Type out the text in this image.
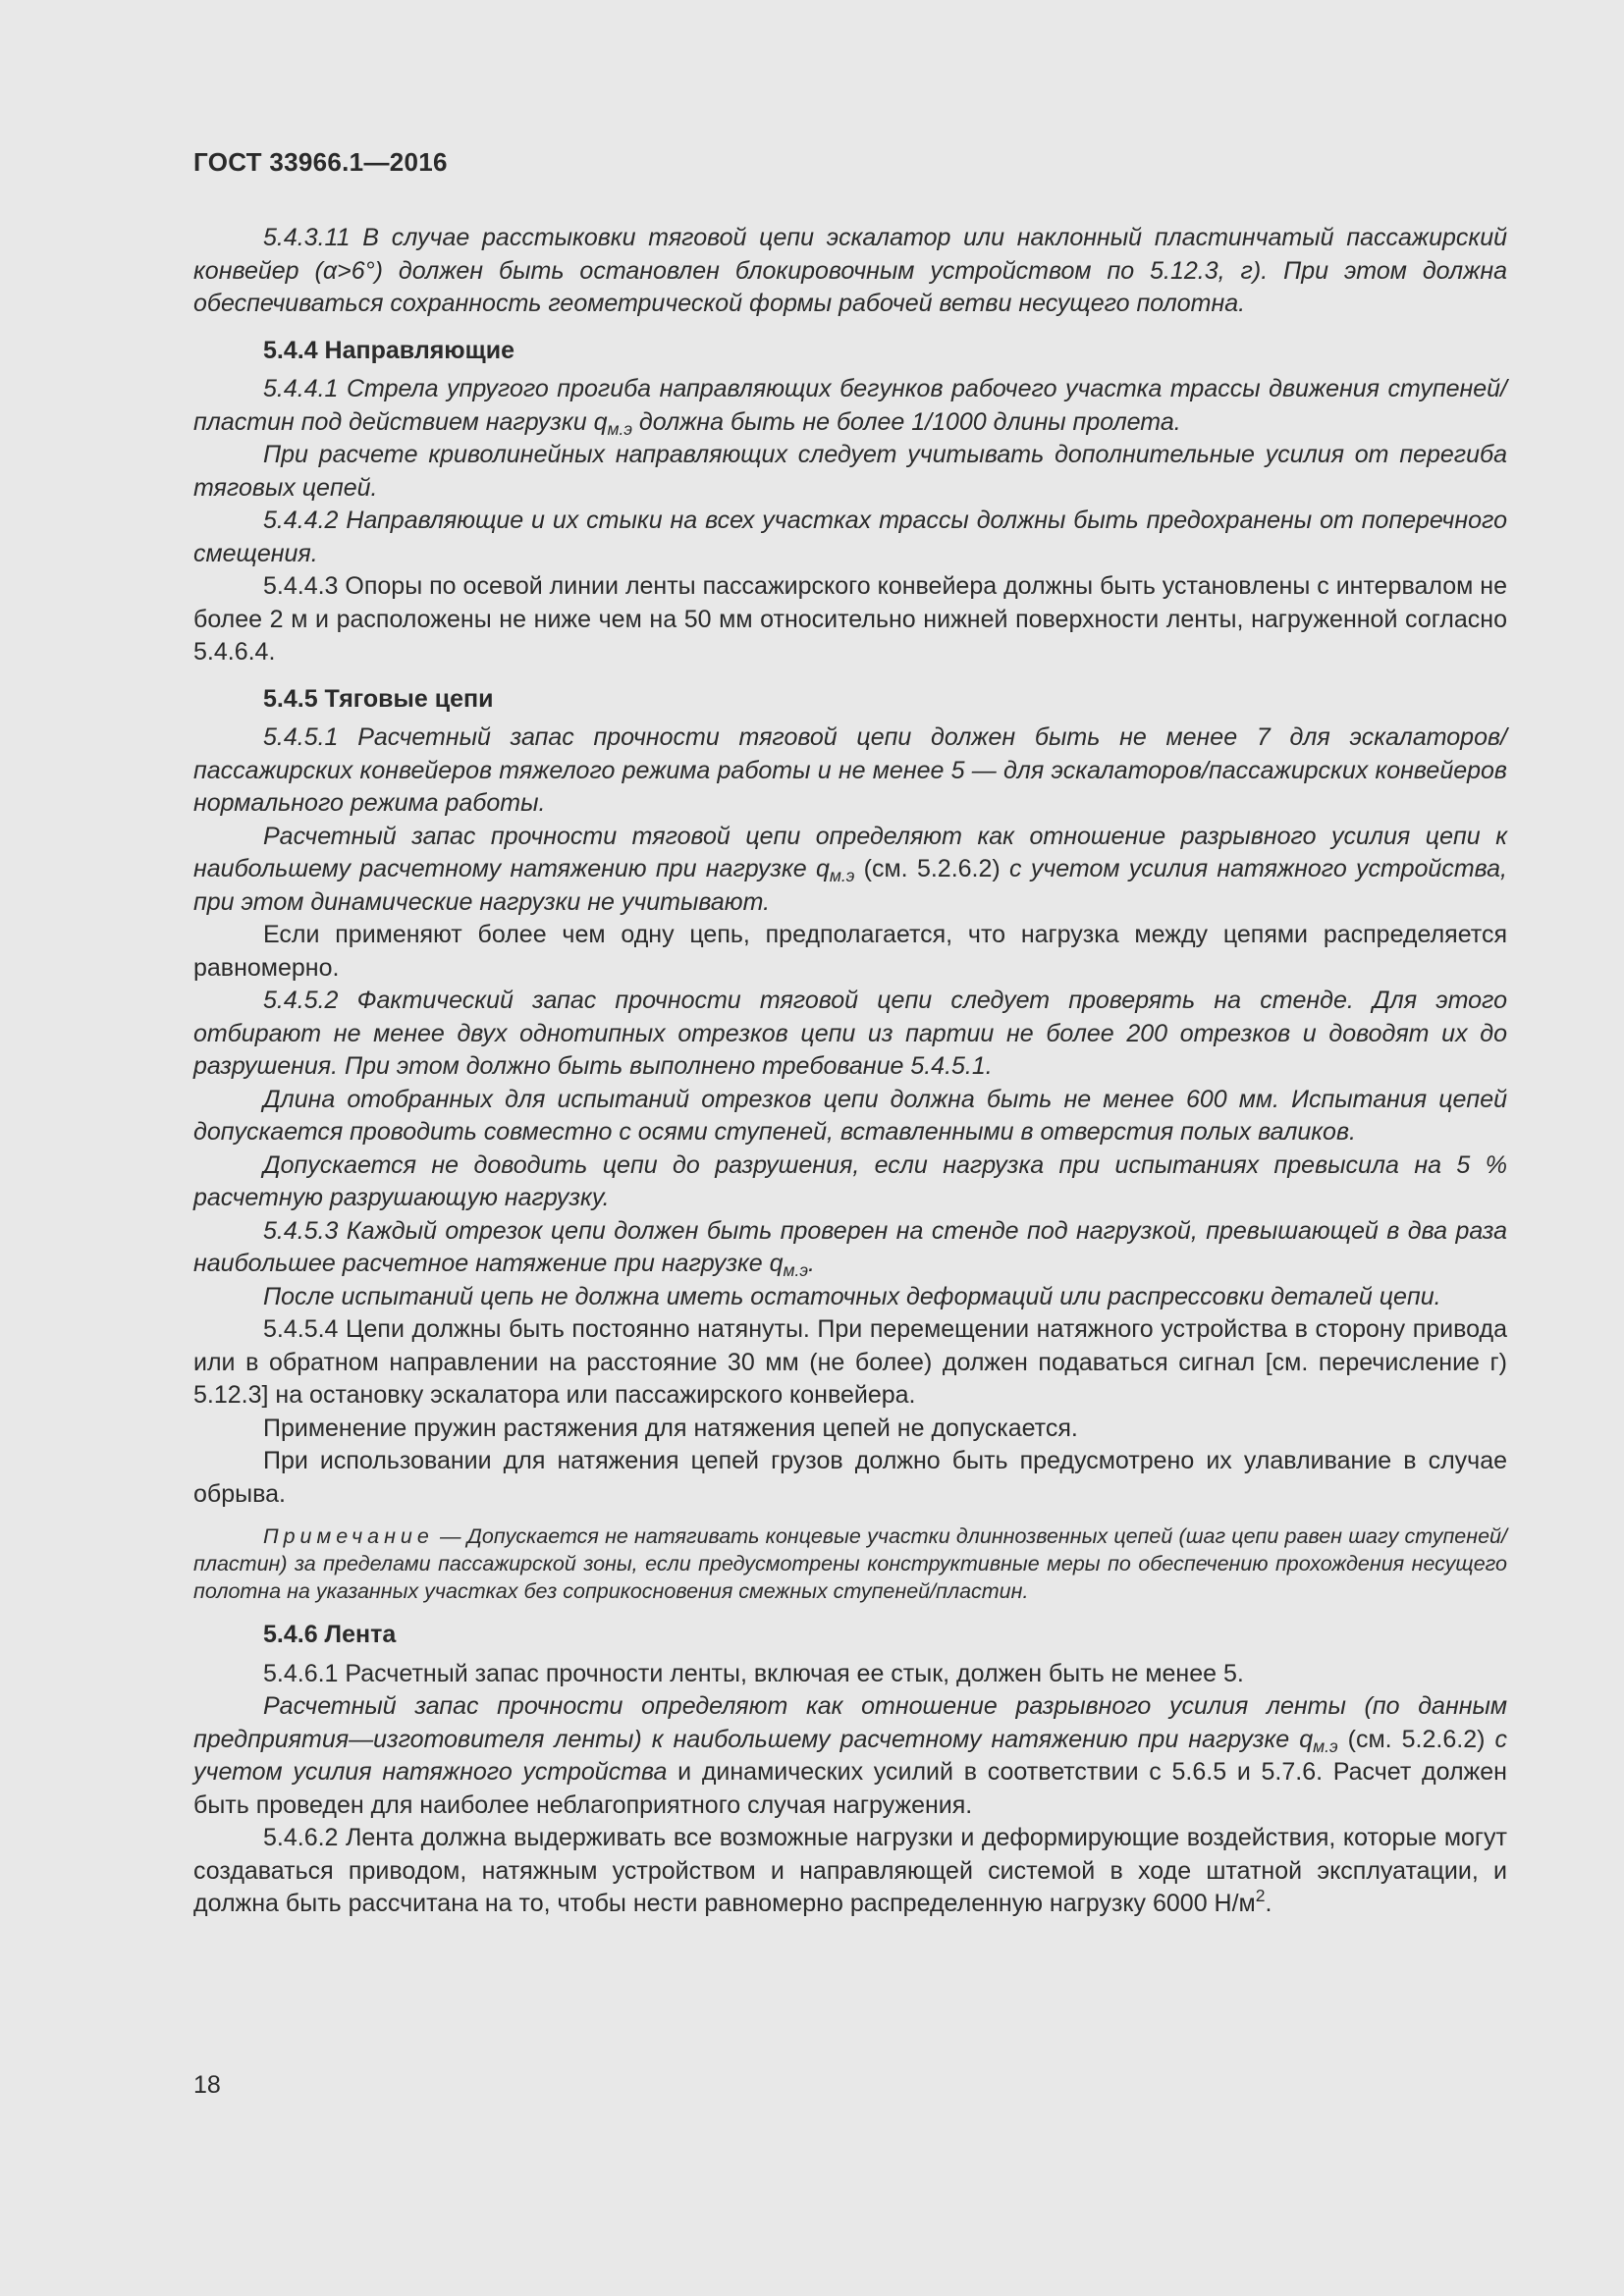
ГОСТ 33966.1—2016

5.4.3.11 В случае расстыковки тяговой цепи эскалатор или наклонный пластинчатый пассажирский конвейер (α>6°) должен быть остановлен блокировочным устройством по 5.12.3, г). При этом должна обеспечиваться сохранность геометрической формы рабочей ветви несущего полотна.

5.4.4 Направляющие

5.4.4.1 Стрела упругого прогиба направляющих бегунков рабочего участка трассы движения ступеней/пластин под действием нагрузки $q_{м.э}$ должна быть не более 1/1000 длины пролета.

При расчете криволинейных направляющих следует учитывать дополнительные усилия от перегиба тяговых цепей.

5.4.4.2 Направляющие и их стыки на всех участках трассы должны быть предохранены от поперечного смещения.

5.4.4.3 Опоры по осевой линии ленты пассажирского конвейера должны быть установлены с интервалом не более 2 м и расположены не ниже чем на 50 мм относительно нижней поверхности ленты, нагруженной согласно 5.4.6.4.

5.4.5 Тяговые цепи

5.4.5.1 Расчетный запас прочности тяговой цепи должен быть не менее 7 для эскалаторов/пассажирских конвейеров тяжелого режима работы и не менее 5 — для эскалаторов/пассажирских конвейеров нормального режима работы.

Расчетный запас прочности тяговой цепи определяют как отношение разрывного усилия цепи к наибольшему расчетному натяжению при нагрузке $q_{м.э}$ (см. 5.2.6.2) с учетом усилия натяжного устройства, при этом динамические нагрузки не учитывают.

Если применяют более чем одну цепь, предполагается, что нагрузка между цепями распределяется равномерно.

5.4.5.2 Фактический запас прочности тяговой цепи следует проверять на стенде. Для этого отбирают не менее двух однотипных отрезков цепи из партии не более 200 отрезков и доводят их до разрушения. При этом должно быть выполнено требование 5.4.5.1.

Длина отобранных для испытаний отрезков цепи должна быть не менее 600 мм. Испытания цепей допускается проводить совместно с осями ступеней, вставленными в отверстия полых валиков.

Допускается не доводить цепи до разрушения, если нагрузка при испытаниях превысила на 5 % расчетную разрушающую нагрузку.

5.4.5.3 Каждый отрезок цепи должен быть проверен на стенде под нагрузкой, превышающей в два раза наибольшее расчетное натяжение при нагрузке $q_{м.э}$.

После испытаний цепь не должна иметь остаточных деформаций или распрессовки деталей цепи.

5.4.5.4 Цепи должны быть постоянно натянуты. При перемещении натяжного устройства в сторону привода или в обратном направлении на расстояние 30 мм (не более) должен подаваться сигнал [см. перечисление г) 5.12.3] на остановку эскалатора или пассажирского конвейера.

Применение пружин растяжения для натяжения цепей не допускается.

При использовании для натяжения цепей грузов должно быть предусмотрено их улавливание в случае обрыва.

Примечание — Допускается не натягивать концевые участки длиннозвенных цепей (шаг цепи равен шагу ступеней/пластин) за пределами пассажирской зоны, если предусмотрены конструктивные меры по обеспечению прохождения несущего полотна на указанных участках без соприкосновения смежных ступеней/пластин.

5.4.6 Лента

5.4.6.1 Расчетный запас прочности ленты, включая ее стык, должен быть не менее 5.

Расчетный запас прочности определяют как отношение разрывного усилия ленты (по данным предприятия—изготовителя ленты) к наибольшему расчетному натяжению при нагрузке $q_{м.э}$ (см. 5.2.6.2) с учетом усилия натяжного устройства и динамических усилий в соответствии с 5.6.5 и 5.7.6. Расчет должен быть проведен для наиболее неблагоприятного случая нагружения.

5.4.6.2 Лента должна выдерживать все возможные нагрузки и деформирующие воздействия, которые могут создаваться приводом, натяжным устройством и направляющей системой в ходе штатной эксплуатации, и должна быть рассчитана на то, чтобы нести равномерно распределенную нагрузку 6000 $Н/м^2$.

18
